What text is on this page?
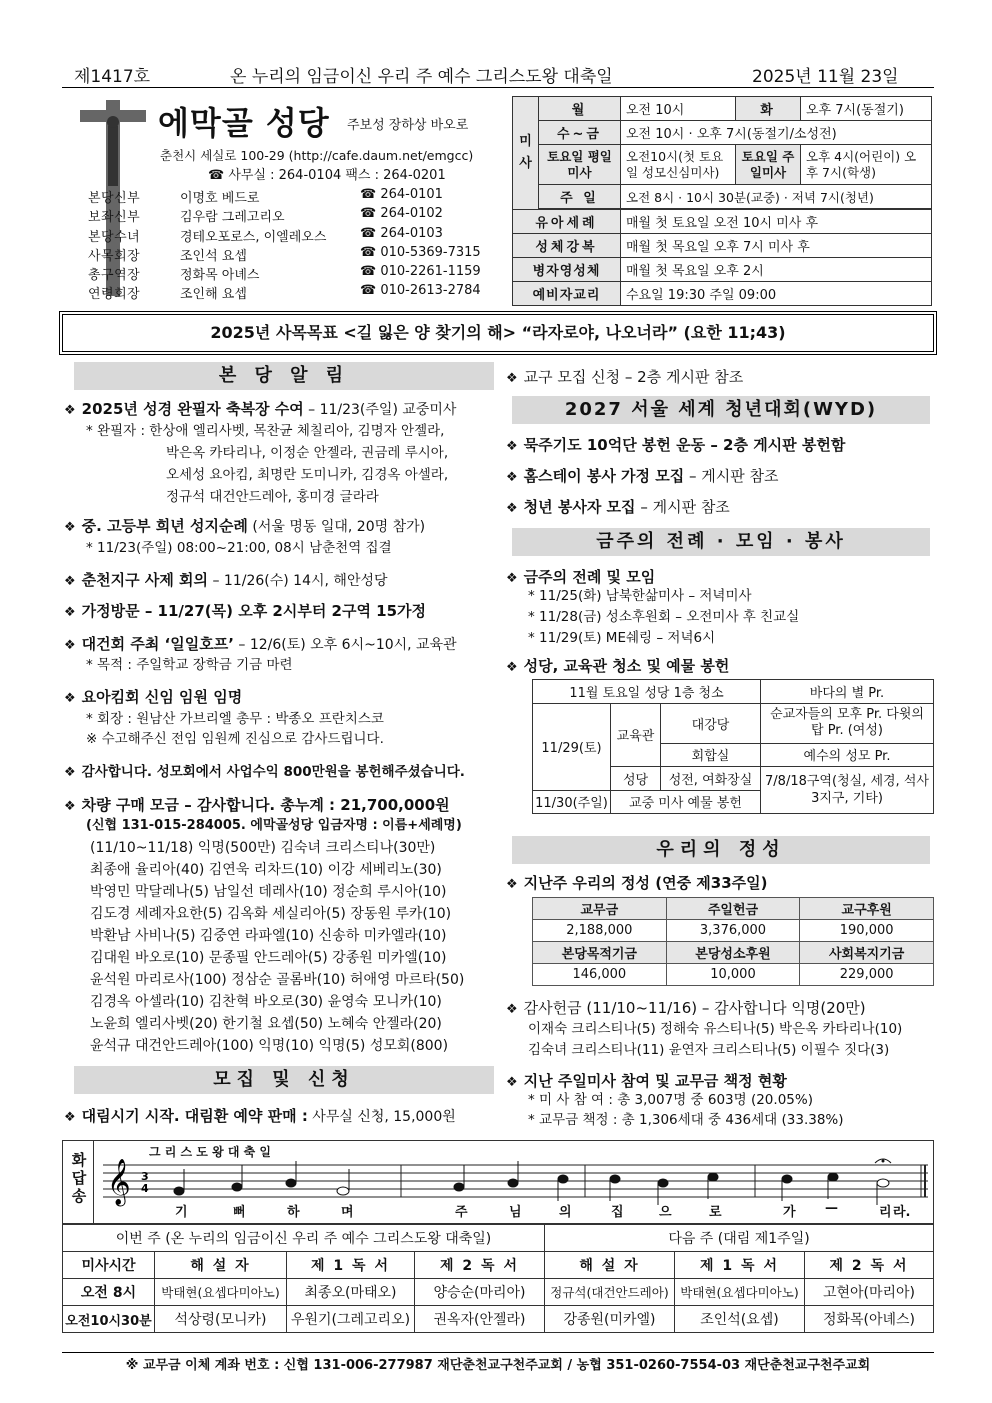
제1417호	온 누리의 임금이신 우리 주 예수 그리스도왕 대축일	2025년 11월 23일
에막골 성당 주보성 장하상 바오로
춘천시 세실로 100-29 (http://cafe.daum.net/emgcc)
☎ 사무실 : 264-0104 팩스 : 264-0201
본당신부	이명호 베드로	☎ 264-0101
보좌신부	김우람 그레고리오	☎ 264-0102
본당수녀	경테오포로스, 이엘레오스	☎ 264-0103
사목회장	조인석 요셉	☎ 010-5369-7315
총구역장	정화목 아녜스	☎ 010-2261-1159
연령회장	조인해 요셉	☎ 010-2613-2784
미사	월	오전 10시	화	오후 7시(동절기)
	수~금	오전 10시 · 오후 7시(동절기/소성전)		
	토요일 평일미사	오전10시(첫 토요일 성모신심미사)	토요일 주일미사	오후 4시(어린이) 오후 7시(학생)
	주 일	오전 8시 · 10시 30분(교중) · 저녁 7시(청년)		

유아세례		매월 첫 토요일 오전 10시 미사 후		
성체강복		매월 첫 목요일 오후 7시 미사 후		
병자영성체		매월 첫 목요일 오후 2시		
예비자교리		수요일 19:30 주일 09:00		
2025년 사목목표 <길 잃은 양 찾기의 해> “라자로야, 나오너라” (요한 11;43)
본 당 알 림
❖ 2025년 성경 완필자 축복장 수여 – 11/23(주일) 교중미사
* 완필자 : 한상애 엘리사벳, 목찬균 체칠리아, 김명자 안젤라,
박은옥 카타리나, 이정순 안젤라, 권금레 루시아,
오세성 요아킴, 최명란 도미니카, 김경옥 아셀라,
정규석 대건안드레아, 홍미경 글라라
❖ 중. 고등부 희년 성지순례 (서울 명동 일대, 20명 참가)
* 11/23(주일) 08:00~21:00, 08시 남춘천역 집결
❖ 춘천지구 사제 회의 – 11/26(수) 14시, 해안성당
❖ 가정방문 – 11/27(목) 오후 2시부터 2구역 15가정
❖ 대건회 주최 ‘일일호프’ – 12/6(토) 오후 6시~10시, 교육관
* 목적 : 주일학교 장학금 기금 마련
❖ 요아킴회 신임 임원 임명
* 회장 : 원남산 가브리엘 총무 : 박종오 프란치스코
※ 수고해주신 전임 임원께 진심으로 감사드립니다.
❖ 감사합니다. 성모회에서 사업수익 800만원을 봉헌해주셨습니다.
❖ 차량 구매 모금 – 감사합니다. 총누계 : 21,700,000원
(신협 131-015-284005. 에막골성당 입금자명 : 이름+세례명)
(11/10~11/18) 익명(500만) 김숙녀 크리스티나(30만)
최종애 율리아(40) 김연욱 리차드(10) 이강 세베리노(30)
박영민 막달레나(5) 남일선 데레사(10) 정순희 루시아(10)
김도경 세례자요한(5) 김옥화 세실리아(5) 장동원 루카(10)
박환남 사비나(5) 김중연 라파엘(10) 신송하 미카엘라(10)
김대원 바오로(10) 문종필 안드레아(5) 강종원 미카엘(10)
윤석원 마리로사(100) 정삼순 골롬바(10) 허애영 마르타(50)
김경옥 아셀라(10) 김찬혁 바오로(30) 윤영숙 모니카(10)
노윤희 엘리사벳(20) 한기철 요셉(50) 노혜숙 안젤라(20)
윤석규 대건안드레아(100) 익명(10) 익명(5) 성모회(800)
모집 및 신청
❖ 대림시기 시작. 대림환 예약 판매 : 사무실 신청, 15,000원
❖ 교구 모집 신청 – 2층 게시판 참조
2027 서울 세계 청년대회(WYD)
❖ 묵주기도 10억단 봉헌 운동 – 2층 게시판 봉헌함
❖ 홈스테이 봉사 가정 모집 – 게시판 참조
❖ 청년 봉사자 모집 – 게시판 참조
금주의 전례 · 모임 · 봉사
❖ 금주의 전례 및 모임
* 11/25(화) 남북한삶미사 – 저녁미사
* 11/28(금) 성소후원회 – 오전미사 후 친교실
* 11/29(토) ME쉐링 – 저녁6시
❖ 성당, 교육관 청소 및 예물 봉헌
11월 토요일 성당 1층 청소			바다의 별 Pr.
11/29(토)	교육관	대강당	순교자들의 모후 Pr. 다윗의 탑 Pr. (여성)
		회합실	예수의 성모 Pr.
	성당	성전, 여화장실	7/8/18구역(청실, 세경, 석사3지구, 기타)
11/30(주일)	교중 미사 예물 봉헌		
우리의 정성
❖ 지난주 우리의 정성 (연중 제33주일)
교무금	주일헌금	교구후원
2,188,000	3,376,000	190,000
본당목적기금	본당성소후원	사회복지기금
146,000	10,000	229,000
❖ 감사헌금 (11/10~11/16) – 감사합니다 익명(20만)
이재숙 크리스티나(5) 정해숙 유스티나(5) 박은옥 카타리나(10)
김숙녀 크리스티나(11) 윤연자 크리스티나(5) 이필수 짓다(3)
❖ 지난 주일미사 참여 및 교무금 책정 현황
* 미 사 참 여 : 총 3,007명 중 603명 (20.05%)
* 교무금 책정 : 총 1,306세대 중 436세대 (33.38%)
화답송
그 리 스 도 왕 대 축 일
𝄞 3
4
기	뻐	하	며	주	님	의	집	으	로	가 —	리 라.
이번 주 (온 누리의 임금이신 우리 주 예수 그리스도왕 대축일)				다음 주 (대림 제1주일)		
미사시간	해 설 자	제 1 독 서	제 2 독 서	해 설 자	제 1 독 서	제 2 독 서
오전 8시	박태현(요셉다미아노)	최종오(마태오)	양승순(마리아)	정규석(대건안드레아)	박태현(요셉다미아노)	고현아(마리아)
오전10시30분	석상령(모니카)	우원기(그레고리오)	권옥자(안젤라)	강종원(미카엘)	조인석(요셉)	정화목(아녜스)
※ 교무금 이체 계좌 번호 : 신협 131-006-277987 재단춘천교구천주교회 / 농협 351-0260-7554-03 재단춘천교구천주교회
